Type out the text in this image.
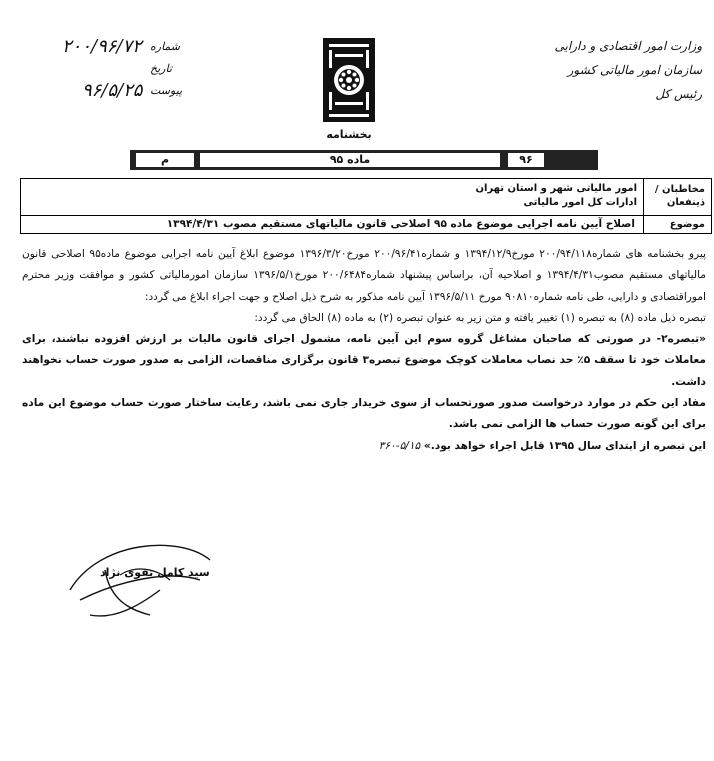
وزارت امور اقتصادی و دارایی
سازمان امور مالیاتی کشور
رئیس کل
بخشنامه
شماره
تاریخ
پیوست
۲۰۰/۹۶/۷۲
۹۶/۵/۲۵
۹۶
ماده ۹۵
م
مخاطبان / ذینفعان
امور مالیاتی شهر و استان تهران
ادارات کل امور مالیاتی
موضوع
اصلاح آیین نامه اجرایی موضوع ماده ۹۵ اصلاحی قانون مالیاتهای مستقیم مصوب ۱۳۹۴/۴/۳۱

پیرو بخشنامه های شماره۲۰۰/۹۴/۱۱۸ مورخ۱۳۹۴/۱۲/۹ و شماره۲۰۰/۹۶/۴۱ مورخ۱۳۹۶/۳/۲۰ موضوع ابلاغ آیین نامه اجرایی موضوع ماده۹۵ اصلاحی قانون مالیاتهای مستقیم مصوب۱۳۹۴/۴/۳۱ و اصلاحیه آن، براساس پیشنهاد شماره۲۰۰/۶۴۸۴ مورخ۱۳۹۶/۵/۱ سازمان امورمالیاتی کشور و موافقت وزیر محترم اموراقتصادی و دارایی، طی نامه شماره۹۰۸۱۰ مورخ ۱۳۹۶/۵/۱۱ آیین نامه مذکور به شرح ذیل اصلاح و جهت اجراء ابلاغ می گردد:

تبصره ذیل ماده (۸) به تبصره (۱) تغییر یافته و متن زیر به عنوان تبصره (۲) به ماده (۸) الحاق می گردد:

«تبصره۲- در صورتی که صاحبان مشاغل گروه سوم این آیین نامه، مشمول اجرای قانون مالیات بر ارزش افزوده نباشند، برای معاملات خود تا سقف ۵٪ حد نصاب معاملات کوچک موضوع تبصره۳ قانون برگزاری مناقصات، الزامی به صدور صورت حساب نخواهند داشت.

مفاد این حکم در موارد درخواست صدور صورتحساب از سوی خریدار جاری نمی باشد، رعایت ساختار صورت حساب موضوع این ماده برای این گونه صورت حساب ها الزامی نمی باشد.

این تبصره از ابتدای سال ۱۳۹۵ قابل اجراء خواهد بود.» ۵/۱۵-۳۶۰

سید کامل تقوی نژاد
